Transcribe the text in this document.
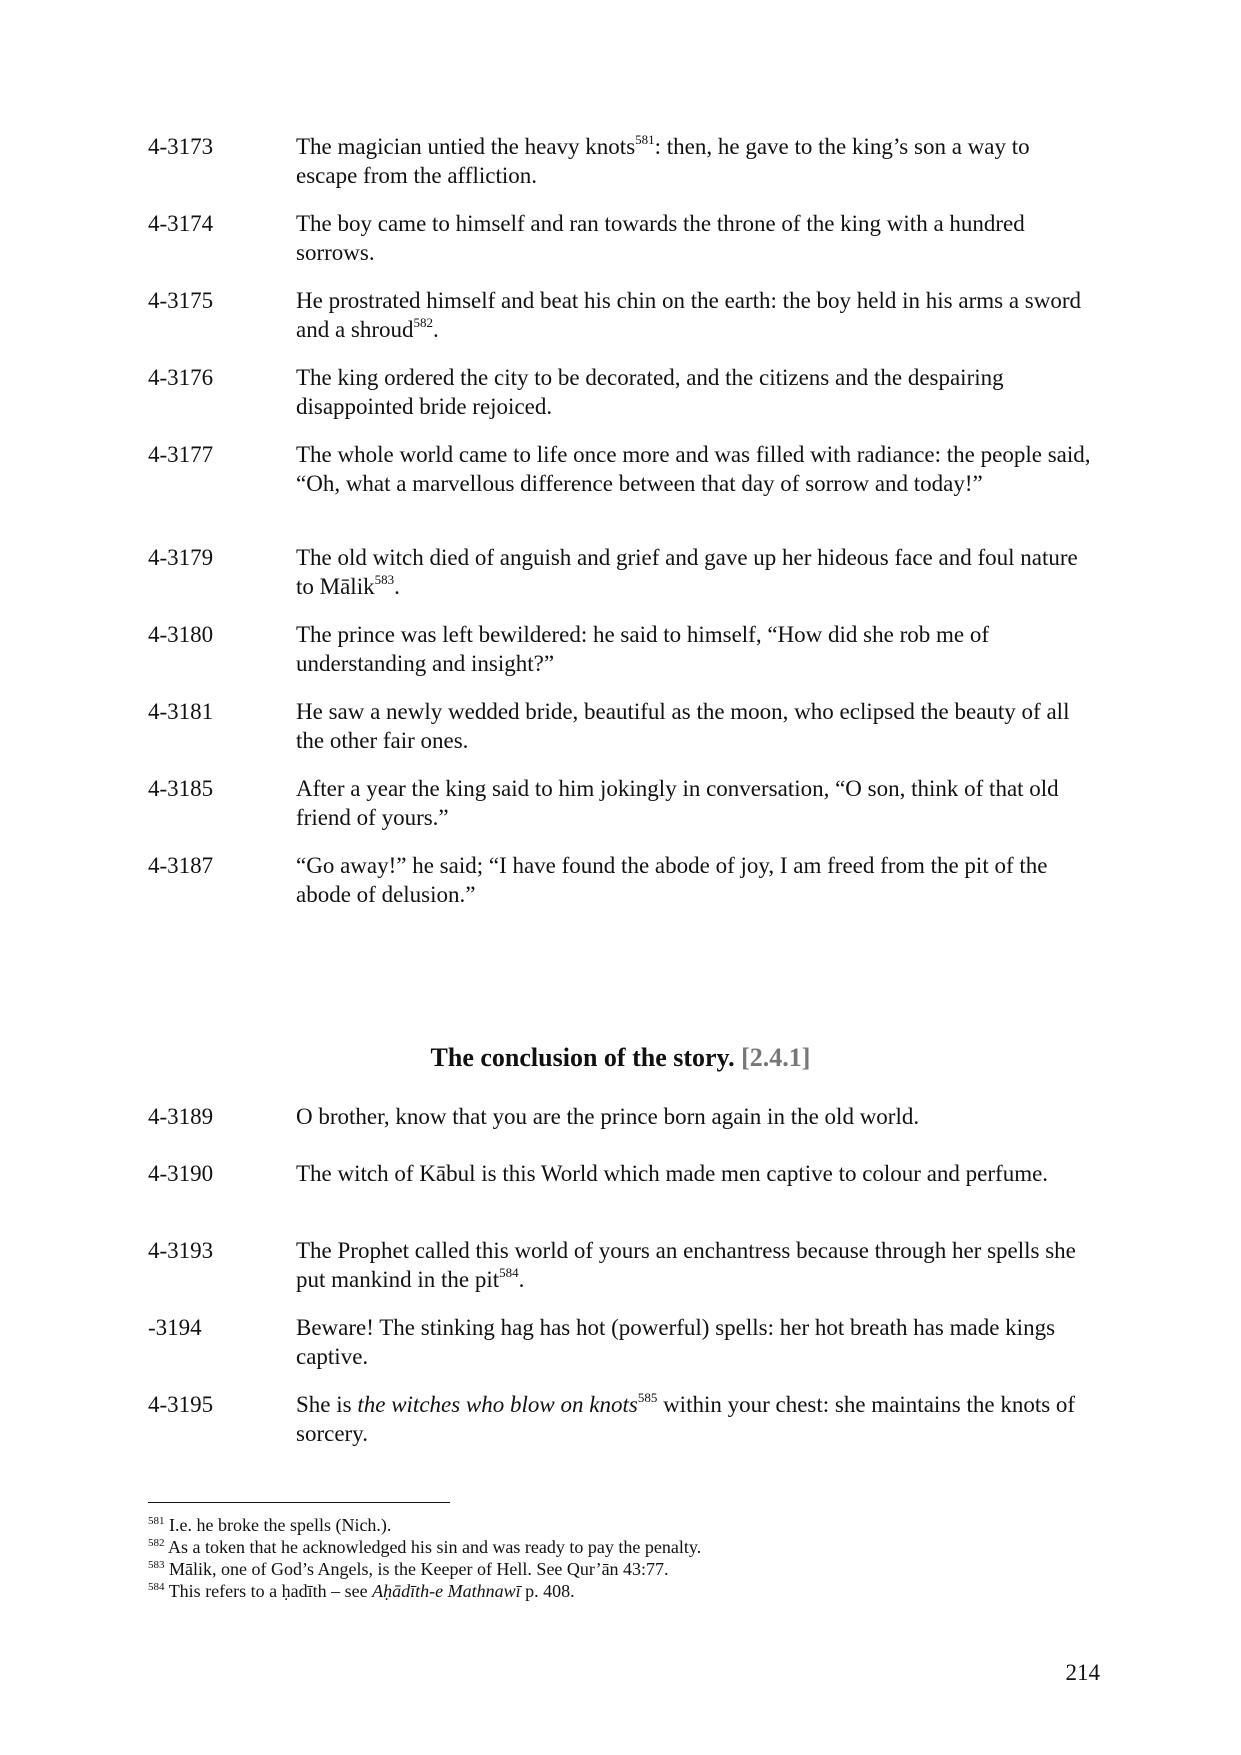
4-3173	The magician untied the heavy knots$^{581}$: then, he gave to the king’s son a way to escape from the affliction.
4-3174	The boy came to himself and ran towards the throne of the king with a hundred sorrows.
4-3175	He prostrated himself and beat his chin on the earth: the boy held in his arms a sword and a shroud$^{582}$.
4-3176	The king ordered the city to be decorated, and the citizens and the despairing disappointed bride rejoiced.
4-3177	The whole world came to life once more and was filled with radiance: the people said, “Oh, what a marvellous difference between that day of sorrow and today!”
4-3179	The old witch died of anguish and grief and gave up her hideous face and foul nature to Mālik$^{583}$.
4-3180	The prince was left bewildered: he said to himself, “How did she rob me of understanding and insight?”
4-3181	He saw a newly wedded bride, beautiful as the moon, who eclipsed the beauty of all the other fair ones.
4-3185	After a year the king said to him jokingly in conversation, “O son, think of that old friend of yours.”
4-3187	“Go away!” he said; “I have found the abode of joy, I am freed from the pit of the abode of delusion.”
The conclusion of the story. [2.4.1]
4-3189	O brother, know that you are the prince born again in the old world.
4-3190	The witch of Kābul is this World which made men captive to colour and perfume.
4-3193	The Prophet called this world of yours an enchantress because through her spells she put mankind in the pit$^{584}$.
-3194	Beware! The stinking hag has hot (powerful) spells: her hot breath has made kings captive.
4-3195	She is the witches who blow on knots$^{585}$ within your chest: she maintains the knots of sorcery.
$^{581}$ I.e. he broke the spells (Nich.).
$^{582}$ As a token that he acknowledged his sin and was ready to pay the penalty.
$^{583}$ Mālik, one of God’s Angels, is the Keeper of Hell. See Qur’ān 43:77.
$^{584}$ This refers to a ḥadīth – see Aḥādīth-e Mathnawī p. 408.
214
